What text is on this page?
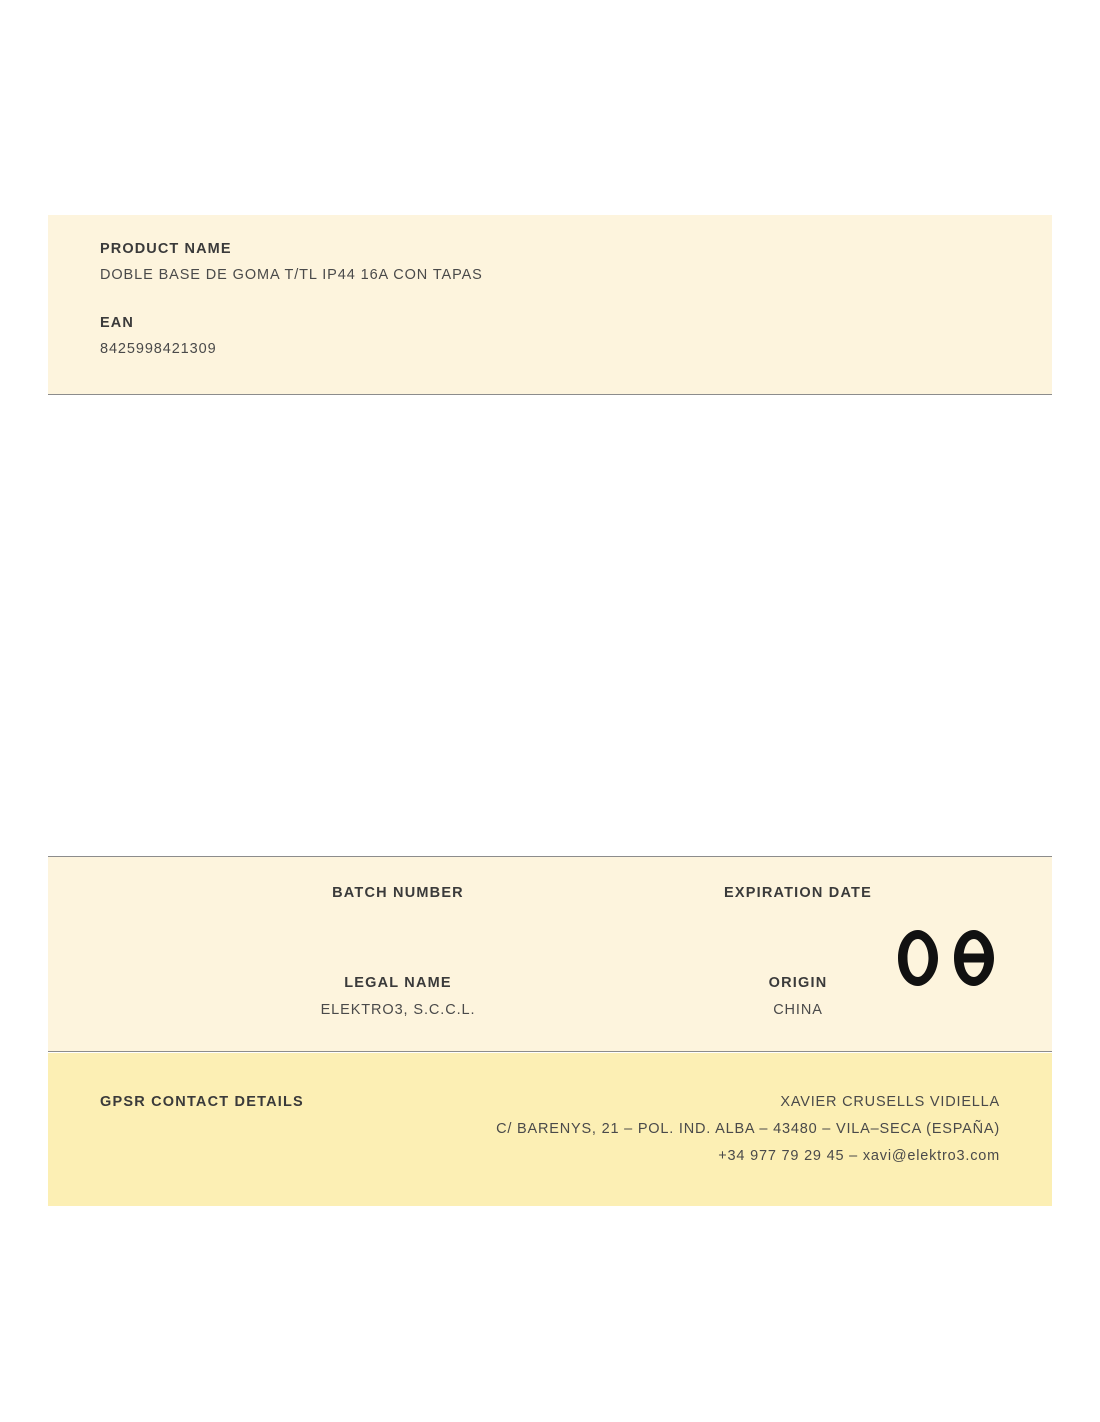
PRODUCT NAME

DOBLE BASE DE GOMA T/TL IP44 16A CON TAPAS

EAN

8425998421309

BATCH NUMBER	EXPIRATION DATE

LEGAL NAME

ELEKTRO3, S.C.C.L.

ORIGIN

CHINA

GPSR CONTACT DETAILS	XAVIER CRUSELLS VIDIELLA

C/ BARENYS, 21 – POL. IND. ALBA – 43480 – VILA–SECA (ESPAÑA)

+34 977 79 29 45 – xavi@elektro3.com
